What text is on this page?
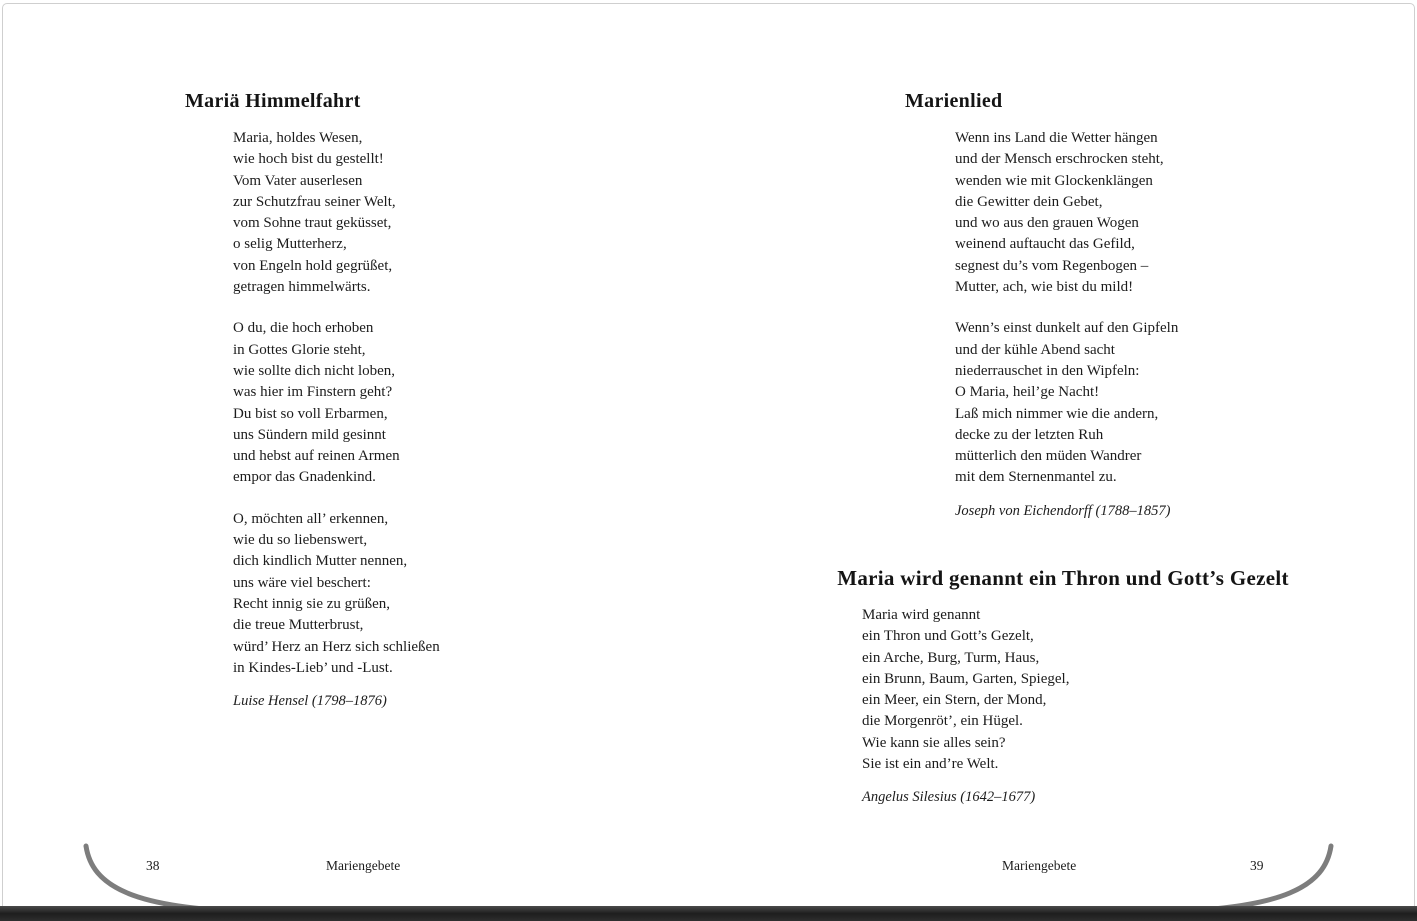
Mariä Himmelfahrt
Maria, holdes Wesen,
wie hoch bist du gestellt!
Vom Vater auserlesen
zur Schutzfrau seiner Welt,
vom Sohne traut geküsset,
o selig Mutterherz,
von Engeln hold gegrüßet,
getragen himmelwärts.
O du, die hoch erhoben
in Gottes Glorie steht,
wie sollte dich nicht loben,
was hier im Finstern geht?
Du bist so voll Erbarmen,
uns Sündern mild gesinnt
und hebst auf reinen Armen
empor das Gnadenkind.
O, möchten all’ erkennen,
wie du so liebenswert,
dich kindlich Mutter nennen,
uns wäre viel beschert:
Recht innig sie zu grüßen,
die treue Mutterbrust,
würd’ Herz an Herz sich schließen
in Kindes-Lieb’ und -Lust.
Luise Hensel (1798–1876)
38	Mariengebete
Marienlied
Wenn ins Land die Wetter hängen
und der Mensch erschrocken steht,
wenden wie mit Glockenklängen
die Gewitter dein Gebet,
und wo aus den grauen Wogen
weinend auftaucht das Gefild,
segnest du’s vom Regenbogen –
Mutter, ach, wie bist du mild!
Wenn’s einst dunkelt auf den Gipfeln
und der kühle Abend sacht
niederrauschet in den Wipfeln:
O Maria, heil’ge Nacht!
Laß mich nimmer wie die andern,
decke zu der letzten Ruh
mütterlich den müden Wandrer
mit dem Sternenmantel zu.
Joseph von Eichendorff (1788–1857)
Maria wird genannt ein Thron und Gott’s Gezelt
Maria wird genannt
ein Thron und Gott’s Gezelt,
ein Arche, Burg, Turm, Haus,
ein Brunn, Baum, Garten, Spiegel,
ein Meer, ein Stern, der Mond,
die Morgenröt’, ein Hügel.
Wie kann sie alles sein?
Sie ist ein and’re Welt.
Angelus Silesius (1642–1677)
Mariengebete	39
